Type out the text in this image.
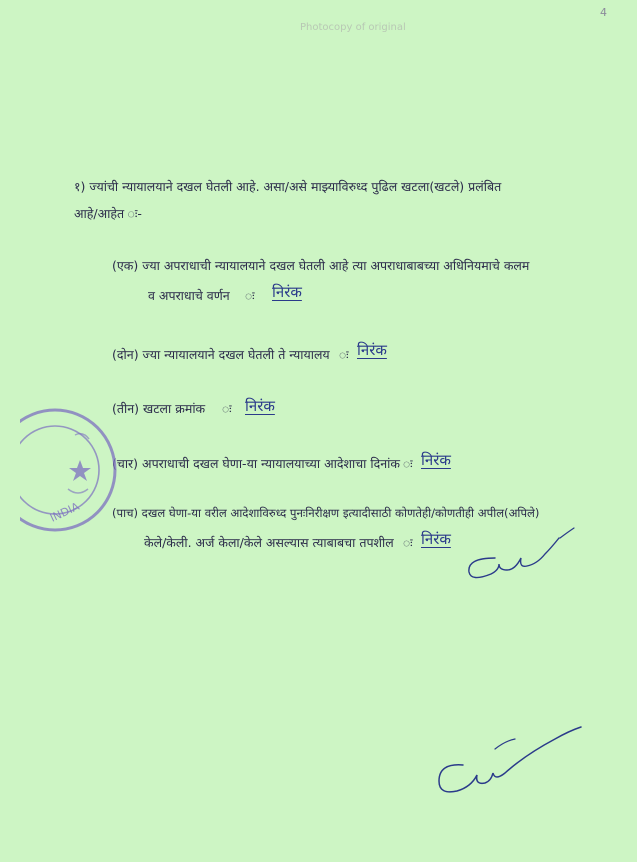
4
Photocopy of original
१) ज्यांची न्यायालयाने दखल घेतली आहे. असा/असे माझ्याविरुध्द पुढिल खटला(खटले) प्रलंबित
आहे/आहेत ः-
(एक) ज्या अपराधाची न्यायालयाने दखल घेतली आहे त्या अपराधाबाबच्या अधिनियमाचे कलम
व अपराधाचे वर्णन ः निरंक
(दोन) ज्या न्यायालयाने दखल घेतली ते न्यायालय ः निरंक
(तीन) खटला क्रमांक ः निरंक
(चार) अपराधाची दखल घेणा-या न्यायालयाच्या आदेशाचा दिनांक ः निरंक
(पाच) दखल घेणा-या वरील आदेशाविरुध्द पुनःनिरीक्षण इत्यादीसाठी कोणतेही/कोणतीही अपील(अपिले)
केले/केली. अर्ज केला/केले असल्यास त्याबाबचा तपशील ः निरंक
INDIA
